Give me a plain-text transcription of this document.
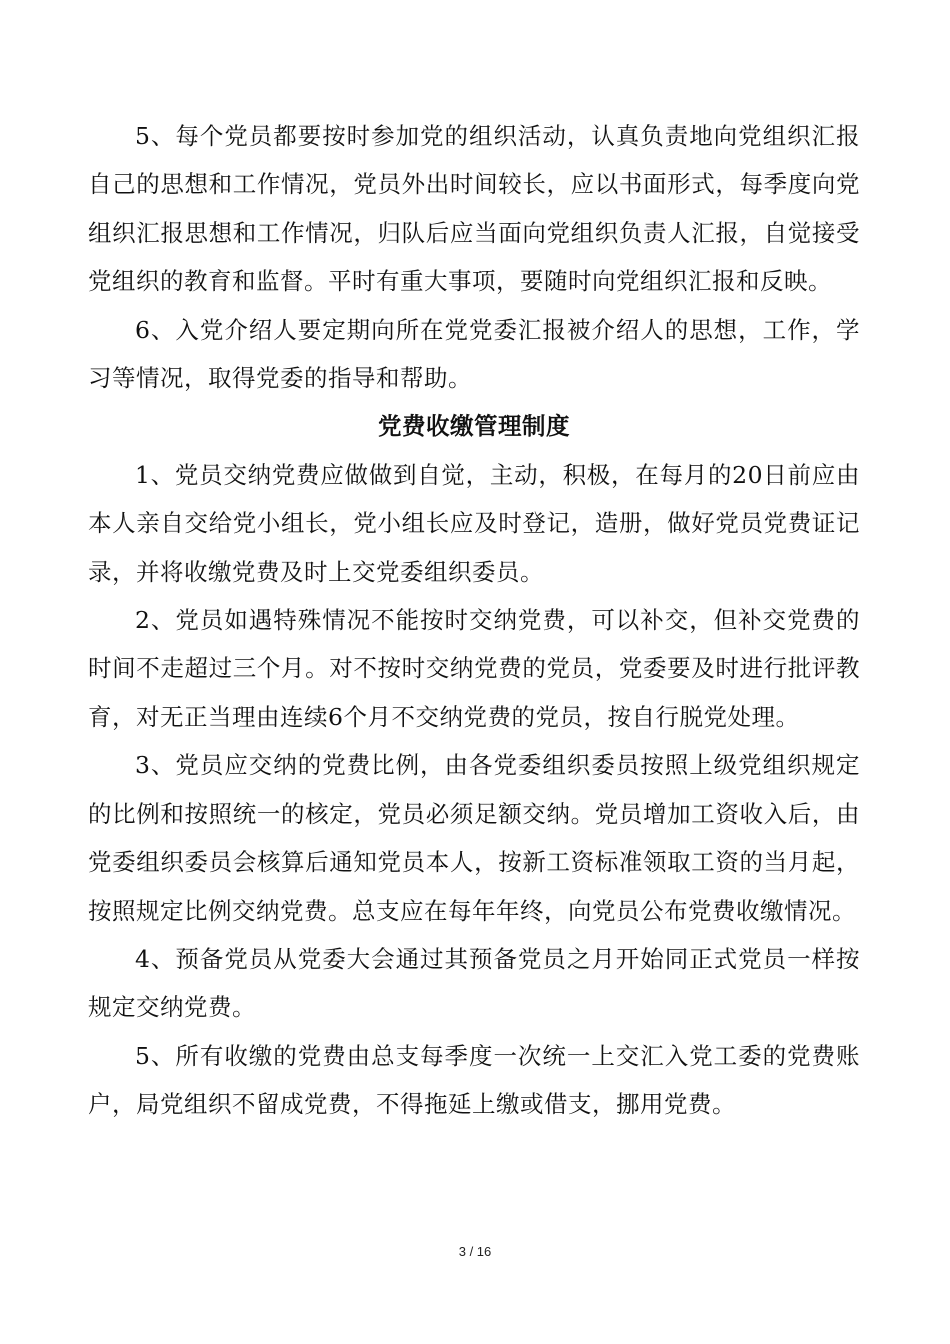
5、每个党员都要按时参加党的组织活动，认真负责地向党组织汇报自己的思想和工作情况，党员外出时间较长，应以书面形式，每季度向党组织汇报思想和工作情况，归队后应当面向党组织负责人汇报，自觉接受党组织的教育和监督。平时有重大事项，要随时向党组织汇报和反映。

6、入党介绍人要定期向所在党党委汇报被介绍人的思想，工作，学习等情况，取得党委的指导和帮助。

党费收缴管理制度

1、党员交纳党费应做做到自觉，主动，积极，在每月的20日前应由本人亲自交给党小组长，党小组长应及时登记，造册，做好党员党费证记录，并将收缴党费及时上交党委组织委员。

2、党员如遇特殊情况不能按时交纳党费，可以补交，但补交党费的时间不走超过三个月。对不按时交纳党费的党员，党委要及时进行批评教育，对无正当理由连续6个月不交纳党费的党员，按自行脱党处理。

3、党员应交纳的党费比例，由各党委组织委员按照上级党组织规定的比例和按照统一的核定，党员必须足额交纳。党员增加工资收入后，由党委组织委员会核算后通知党员本人，按新工资标准领取工资的当月起，按照规定比例交纳党费。总支应在每年年终，向党员公布党费收缴情况。

4、预备党员从党委大会通过其预备党员之月开始同正式党员一样按规定交纳党费。

5、所有收缴的党费由总支每季度一次统一上交汇入党工委的党费账户，局党组织不留成党费，不得拖延上缴或借支，挪用党费。

3 / 16
